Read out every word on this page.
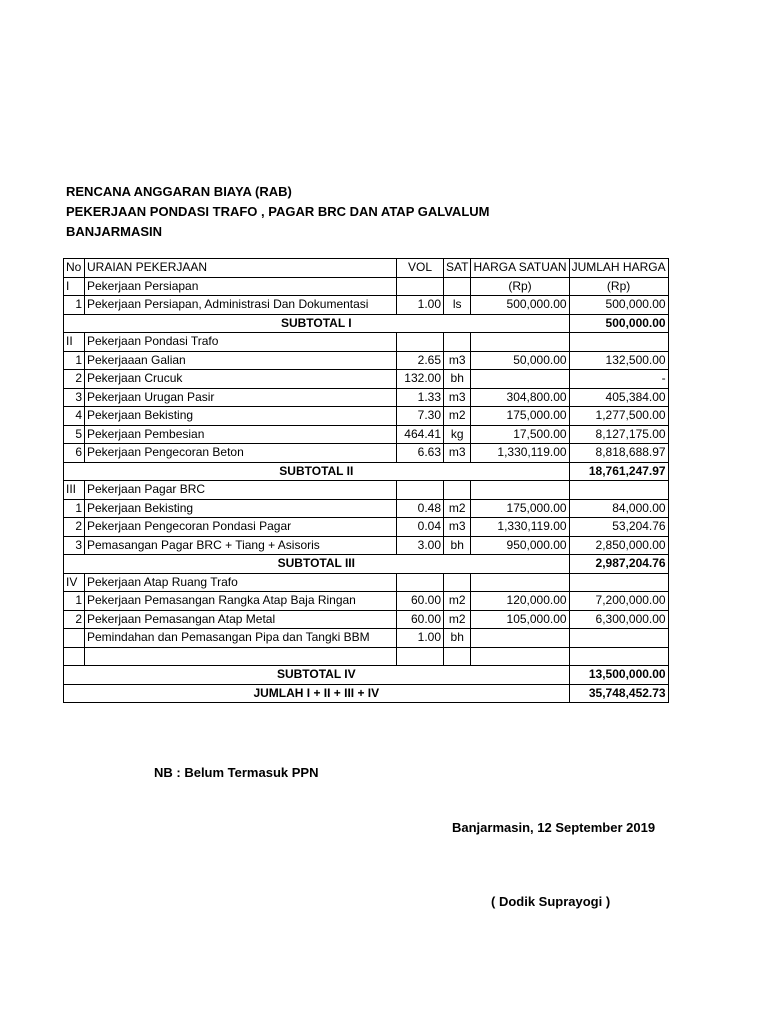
RENCANA ANGGARAN BIAYA (RAB)
PEKERJAAN PONDASI TRAFO , PAGAR BRC DAN ATAP GALVALUM
BANJARMASIN
No	URAIAN PEKERJAAN	VOL	SAT	HARGA SATUAN	JUMLAH HARGA
I	Pekerjaan Persiapan			(Rp)	(Rp)
1	Pekerjaan Persiapan, Administrasi Dan Dokumentasi	1.00	ls	500,000.00	500,000.00
SUBTOTAL I					500,000.00
II	Pekerjaan Pondasi Trafo				
1	Pekerjaaan Galian	2.65	m3	50,000.00	132,500.00
2	Pekerjaan Crucuk	132.00	bh		-
3	Pekerjaan Urugan Pasir	1.33	m3	304,800.00	405,384.00
4	Pekerjaan Bekisting	7.30	m2	175,000.00	1,277,500.00
5	Pekerjaan Pembesian	464.41	kg	17,500.00	8,127,175.00
6	Pekerjaan Pengecoran Beton	6.63	m3	1,330,119.00	8,818,688.97
SUBTOTAL II					18,761,247.97
III	Pekerjaan Pagar BRC				
1	Pekerjaan Bekisting	0.48	m2	175,000.00	84,000.00
2	Pekerjaan Pengecoran Pondasi Pagar	0.04	m3	1,330,119.00	53,204.76
3	Pemasangan Pagar BRC + Tiang + Asisoris	3.00	bh	950,000.00	2,850,000.00
SUBTOTAL III					2,987,204.76
IV	Pekerjaan Atap Ruang Trafo				
1	Pekerjaan Pemasangan Rangka Atap Baja Ringan	60.00	m2	120,000.00	7,200,000.00
2	Pekerjaan Pemasangan Atap Metal	60.00	m2	105,000.00	6,300,000.00
	Pemindahan dan Pemasangan Pipa dan Tangki BBM	1.00	bh		

SUBTOTAL IV					13,500,000.00
JUMLAH I + II + III + IV					35,748,452.73
NB : Belum Termasuk PPN
Banjarmasin, 12 September 2019
( Dodik Suprayogi )
